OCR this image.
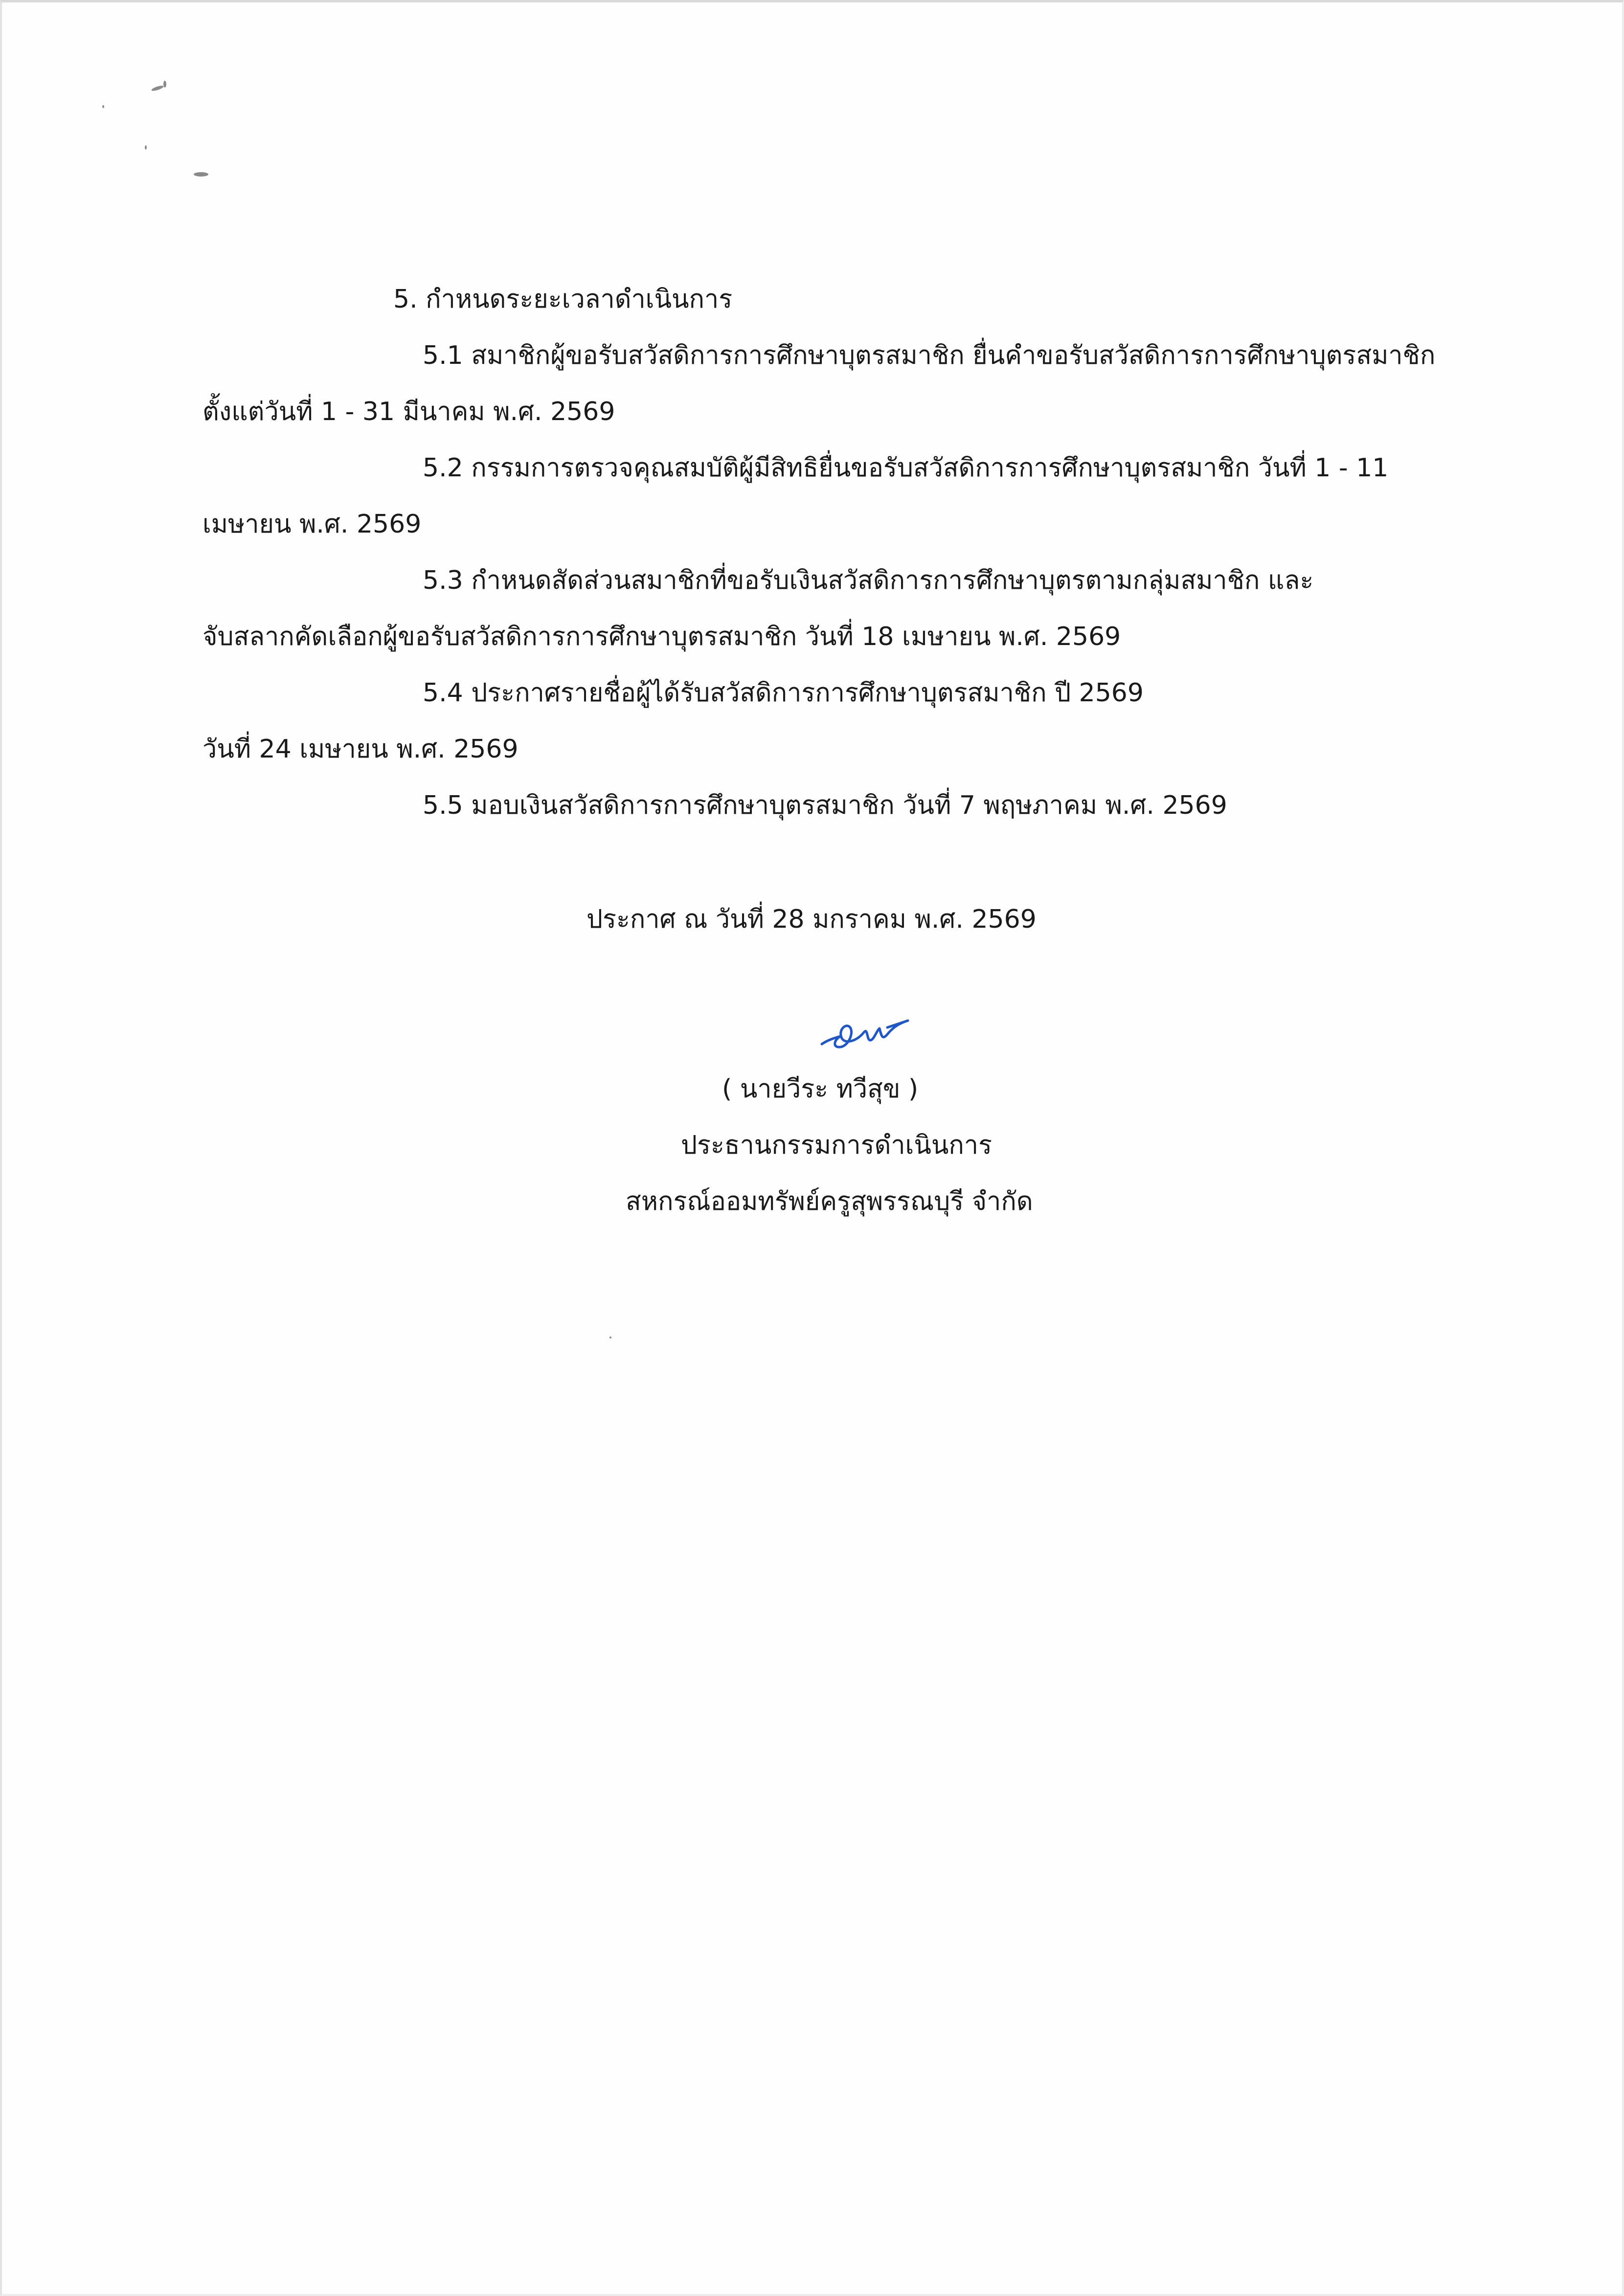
5. กำหนดระยะเวลาดำเนินการ

5.1 สมาชิกผู้ขอรับสวัสดิการการศึกษาบุตรสมาชิก ยื่นคำขอรับสวัสดิการการศึกษาบุตรสมาชิก

ตั้งแต่วันที่ 1 - 31 มีนาคม พ.ศ. 2569

5.2 กรรมการตรวจคุณสมบัติผู้มีสิทธิยื่นขอรับสวัสดิการการศึกษาบุตรสมาชิก วันที่ 1 - 11

เมษายน พ.ศ. 2569

5.3 กำหนดสัดส่วนสมาชิกที่ขอรับเงินสวัสดิการการศึกษาบุตรตามกลุ่มสมาชิก และ

จับสลากคัดเลือกผู้ขอรับสวัสดิการการศึกษาบุตรสมาชิก วันที่ 18 เมษายน พ.ศ. 2569

5.4 ประกาศรายชื่อผู้ได้รับสวัสดิการการศึกษาบุตรสมาชิก ปี 2569

วันที่ 24 เมษายน พ.ศ. 2569

5.5 มอบเงินสวัสดิการการศึกษาบุตรสมาชิก วันที่ 7 พฤษภาคม พ.ศ. 2569

ประกาศ ณ วันที่ 28 มกราคม พ.ศ. 2569

( นายวีระ ทวีสุข )

ประธานกรรมการดำเนินการ

สหกรณ์ออมทรัพย์ครูสุพรรณบุรี จำกัด
